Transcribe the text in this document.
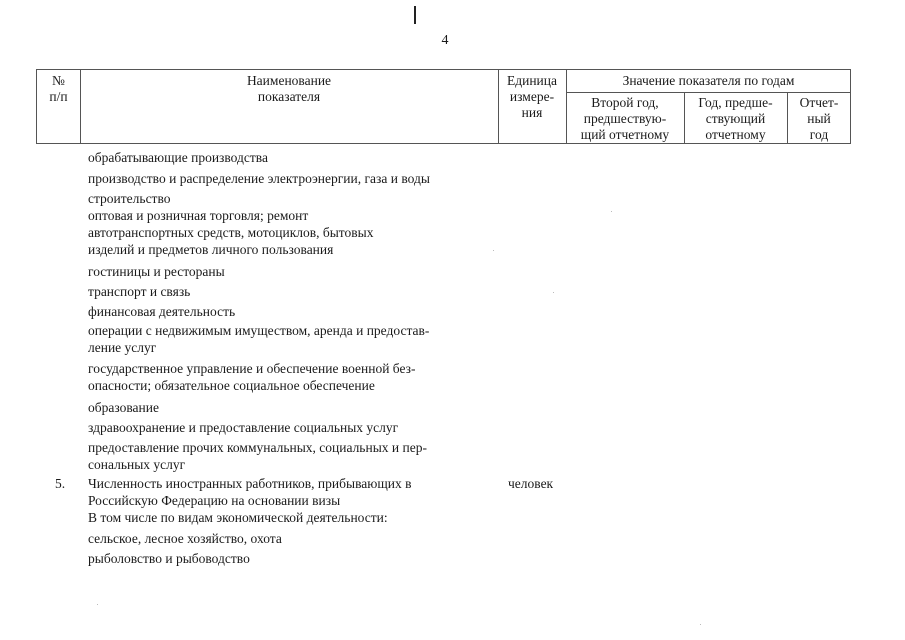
4
№
п/п
Наименование
показателя
Единица
измере-
ния
Значение показателя по годам
Второй год,
предшествую-
щий отчетному
Год, предше-
ствующий
отчетному
Отчет-
ный
год
обрабатывающие производства
производство и распределение электроэнергии, газа и воды
строительство
оптовая и розничная торговля; ремонт
автотранспортных средств, мотоциклов, бытовых
изделий и предметов личного пользования
гостиницы и рестораны
транспорт и связь
финансовая деятельность
операции с недвижимым имуществом, аренда и предостав-
ление услуг
государственное управление и обеспечение военной без-
опасности; обязательное социальное обеспечение
образование
здравоохранение и предоставление социальных услуг
предоставление прочих коммунальных, социальных и пер-
сональных услуг
5. Численность иностранных работников, прибывающих в	человек
Российскую Федерацию на основании визы
В том числе по видам экономической деятельности:
сельское, лесное хозяйство, охота
рыболовство и рыбоводство
